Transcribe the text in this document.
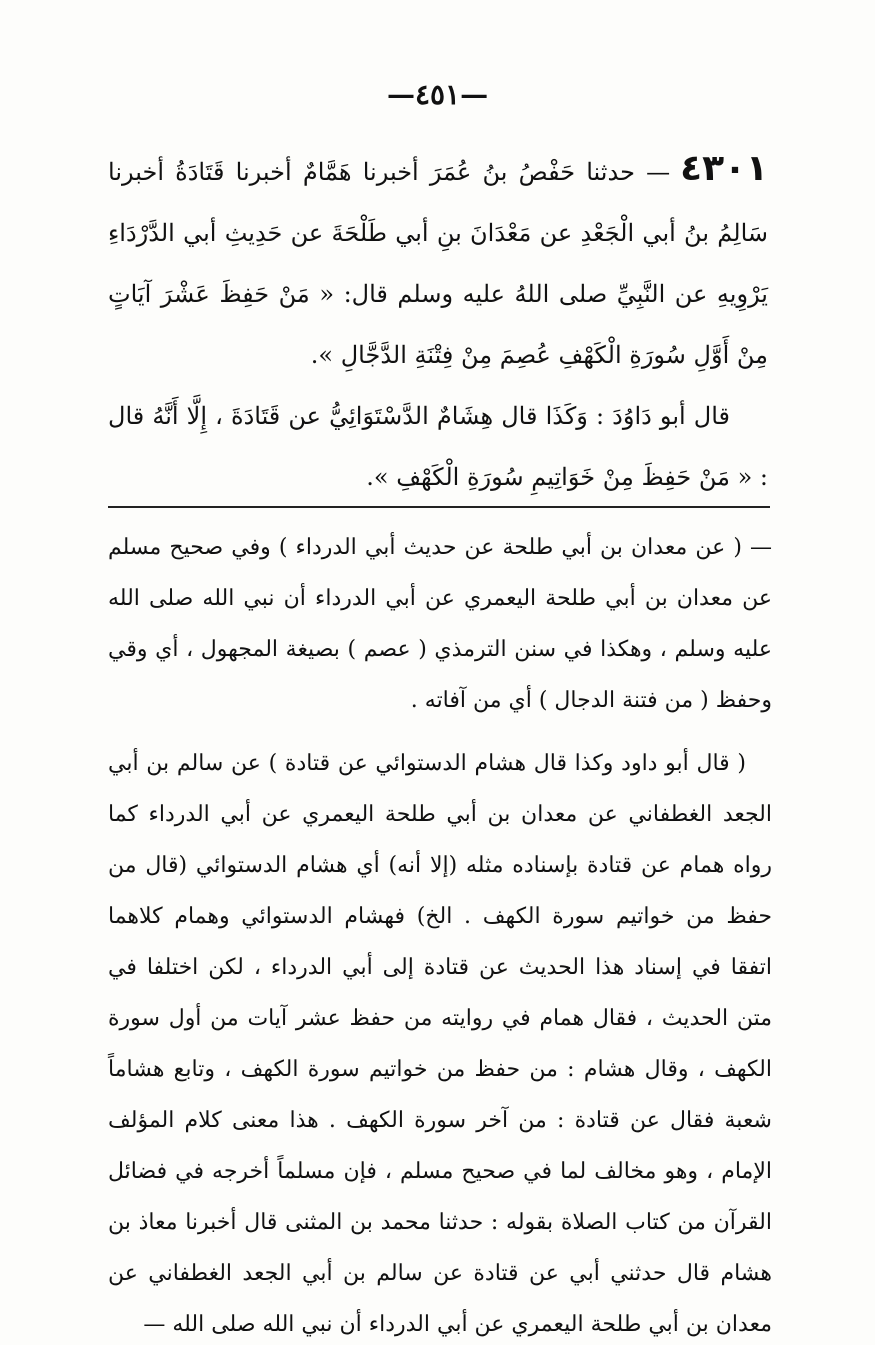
—٤٥١—

٤٣٠١— حدثنا حَفْصُ بنُ عُمَرَ أخبرنا هَمَّامٌ أخبرنا قَتَادَةُ أخبرنا سَالِمُ بنُ أبي الْجَعْدِ عن مَعْدَانَ بنِ أبي طَلْحَةَ عن حَدِيثِ أبي الدَّرْدَاءِ يَرْوِيهِ عن النَّبِيِّ صلى اللهُ عليه وسلم قال: « مَنْ حَفِظَ عَشْرَ آيَاتٍ مِنْ أَوَّلِ سُورَةِ الْكَهْفِ عُصِمَ مِنْ فِتْنَةِ الدَّجَّالِ ».

قال أبو دَاوُدَ : وَكَذَا قال هِشَامٌ الدَّسْتَوَائِيُّ عن قَتَادَةَ ، إِلَّا أَنَّهُ قال : « مَنْ حَفِظَ مِنْ خَوَاتِيمِ سُورَةِ الْكَهْفِ ».

— ( عن معدان بن أبي طلحة عن حديث أبي الدرداء ) وفي صحيح مسلم عن معدان بن أبي طلحة اليعمري عن أبي الدرداء أن نبي الله صلى الله عليه وسلم ، وهكذا في سنن الترمذي ( عصم ) بصيغة المجهول ، أي وقي وحفظ ( من فتنة الدجال ) أي من آفاته .

( قال أبو داود وكذا قال هشام الدستوائي عن قتادة ) عن سالم بن أبي الجعد الغطفاني عن معدان بن أبي طلحة اليعمري عن أبي الدرداء كما رواه همام عن قتادة بإسناده مثله (إلا أنه) أي هشام الدستوائي (قال من حفظ من خواتيم سورة الكهف . الخ) فهشام الدستوائي وهمام كلاهما اتفقا في إسناد هذا الحديث عن قتادة إلى أبي الدرداء ، لكن اختلفا في متن الحديث ، فقال همام في روايته من حفظ عشر آيات من أول سورة الكهف ، وقال هشام : من حفظ من خواتيم سورة الكهف ، وتابع هشاماً شعبة فقال عن قتادة : من آخر سورة الكهف . هذا معنى كلام المؤلف الإمام ، وهو مخالف لما في صحيح مسلم ، فإن مسلماً أخرجه في فضائل القرآن من كتاب الصلاة بقوله : حدثنا محمد بن المثنى قال أخبرنا معاذ بن هشام قال حدثني أبي عن قتادة عن سالم بن أبي الجعد الغطفاني عن معدان بن أبي طلحة اليعمري عن أبي الدرداء أن نبي الله صلى الله —
